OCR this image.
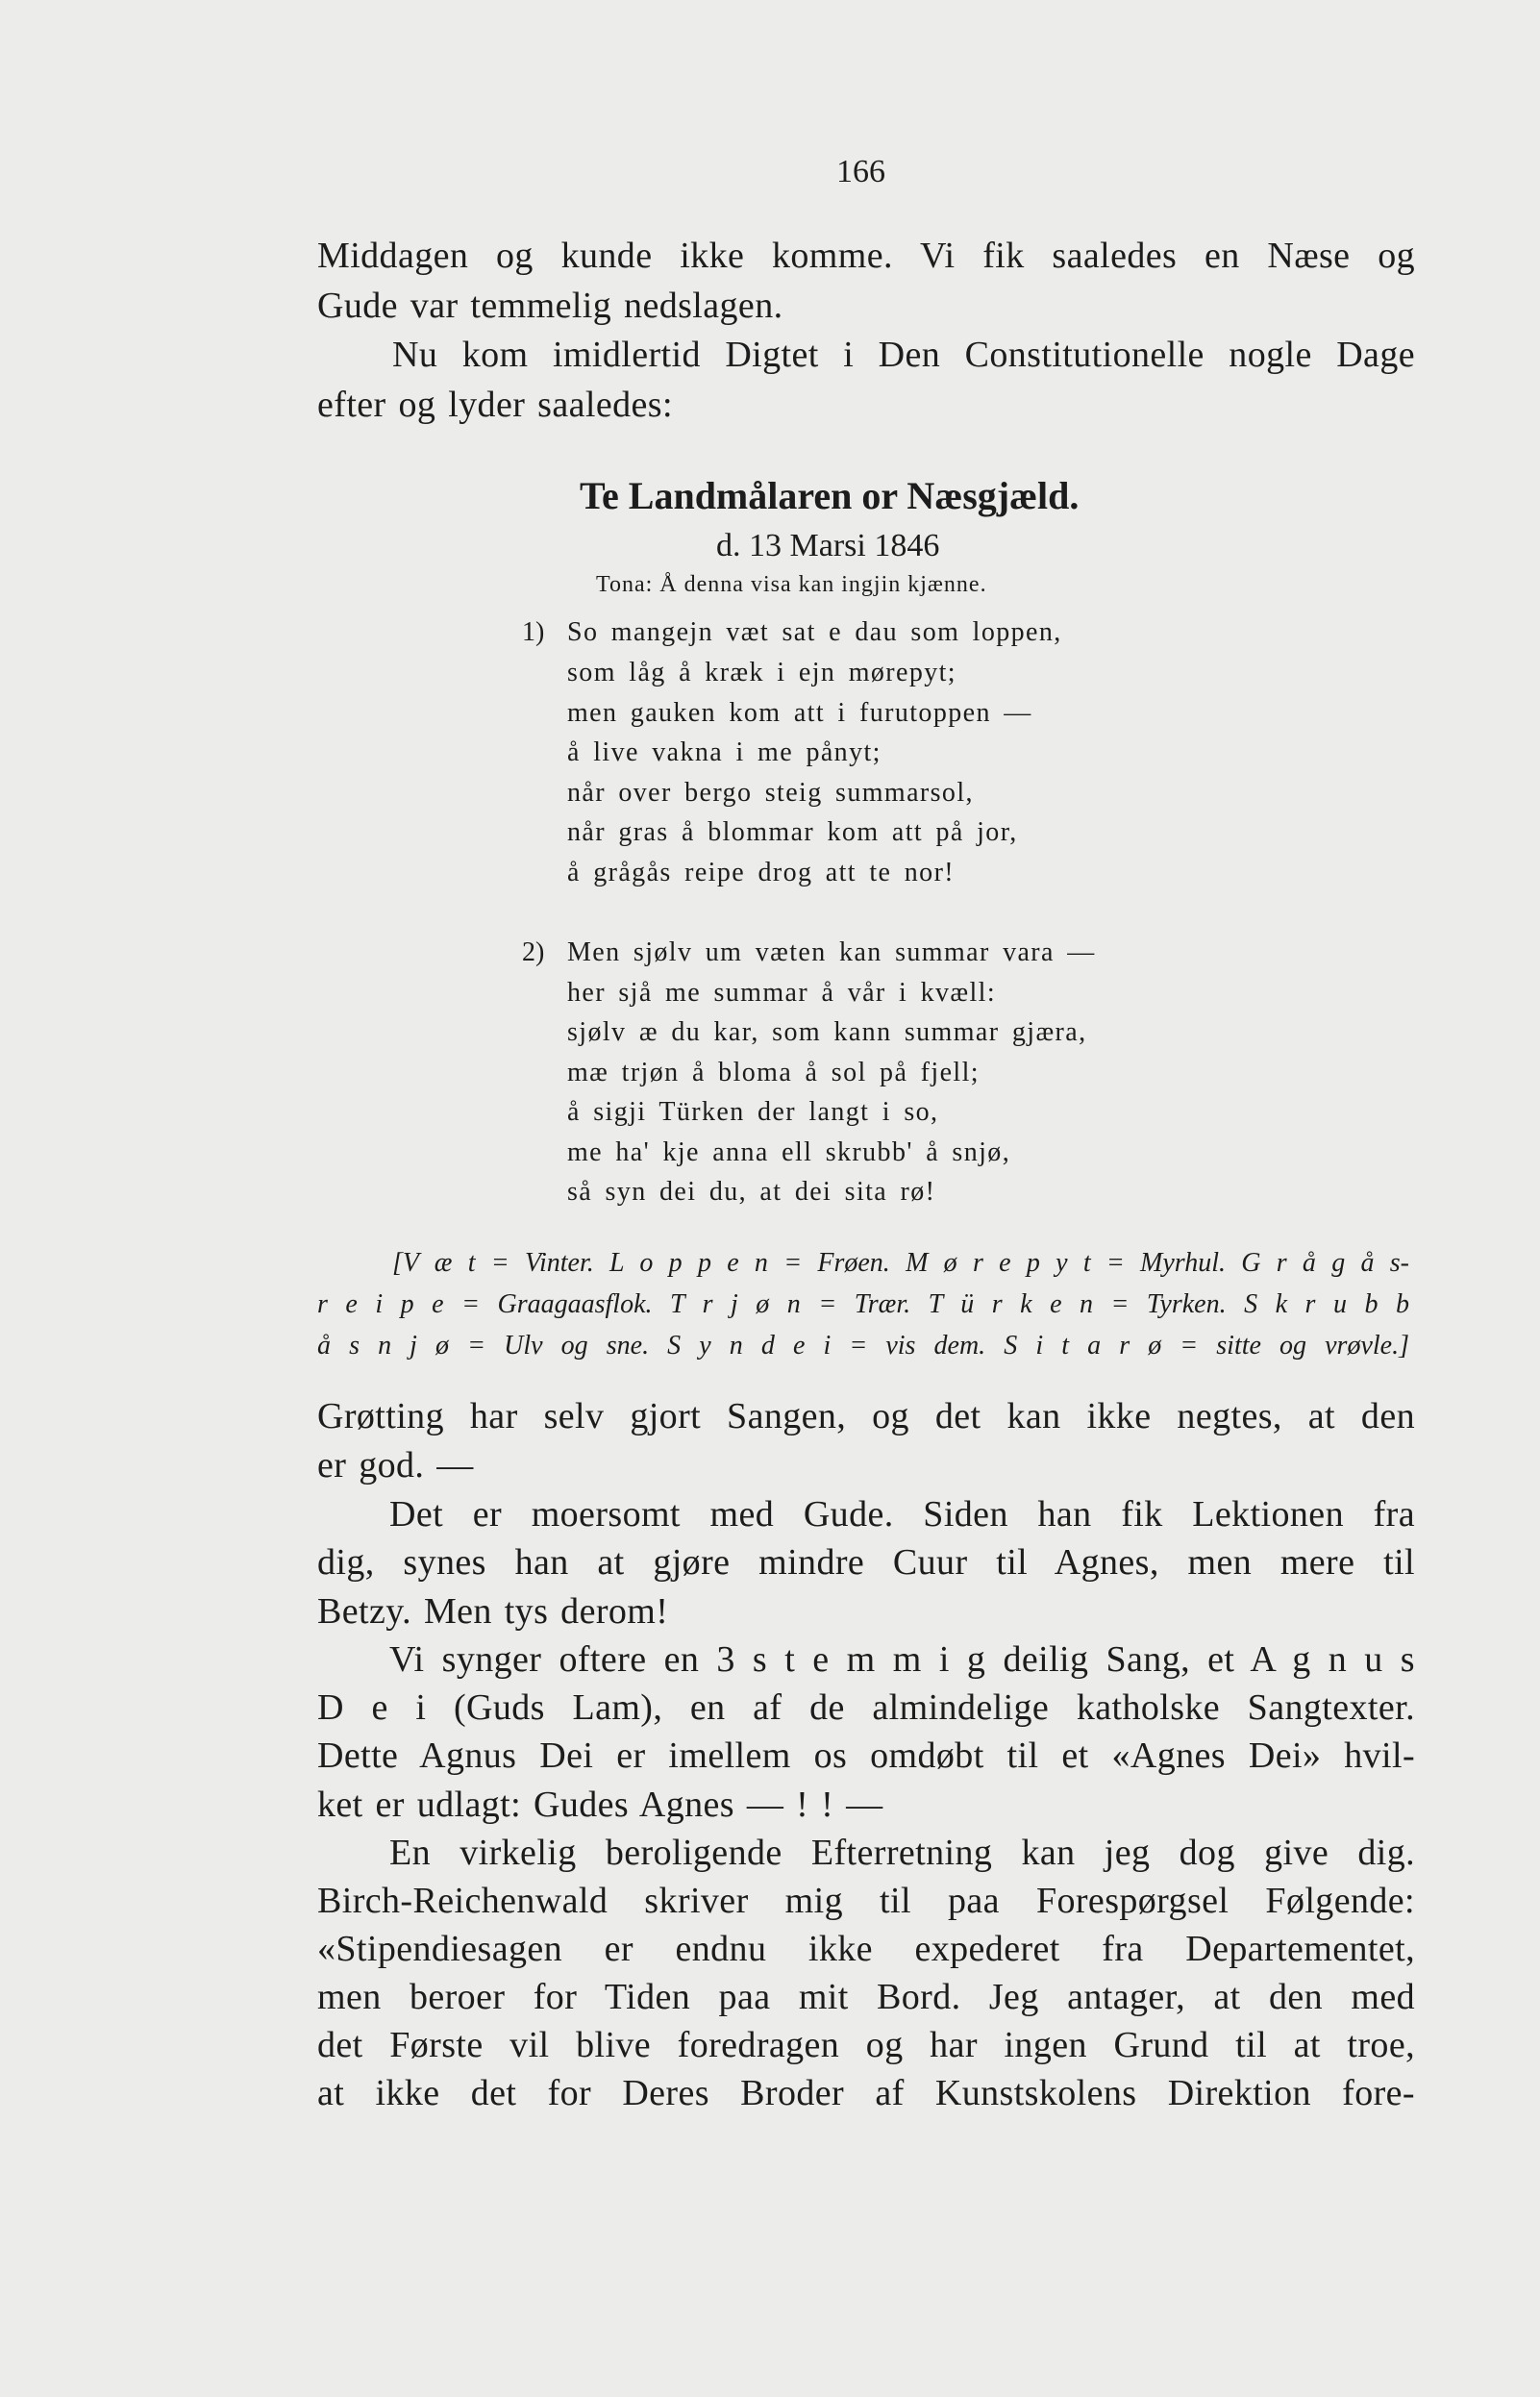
166
Middagen og kunde ikke komme. Vi fik saaledes en Næse og
Gude var temmelig nedslagen.
Nu kom imidlertid Digtet i Den Constitutionelle nogle Dage
efter og lyder saaledes:
Te Landmålaren or Næsgjæld.
d. 13 Marsi 1846
Tona: Å denna visa kan ingjin kjænne.
1) So mangejn væt sat e dau som loppen,
som låg å kræk i ejn mørepyt;
men gauken kom att i furutoppen —
å live vakna i me pånyt;
når over bergo steig summarsol,
når gras å blommar kom att på jor,
å grågås reipe drog att te nor!
2) Men sjølv um væten kan summar vara —
her sjå me summar å vår i kvæll:
sjølv æ du kar, som kann summar gjæra,
mæ trjøn å bloma å sol på fjell;
å sigji Türken der langt i so,
me ha' kje anna ell skrubb' å snjø,
så syn dei du, at dei sita rø!
[V æ t = Vinter. L o p p e n = Frøen. M ø r e p y t = Myrhul. G r å g å s-
r e i p e = Graagaasflok. T r j ø n = Trær. T ü r k e n = Tyrken. S k r u b b
å s n j ø = Ulv og sne. S y n d e i = vis dem. S i t a r ø = sitte og vrøvle.]
Grøtting har selv gjort Sangen, og det kan ikke negtes, at den
er god. —
Det er moersomt med Gude. Siden han fik Lektionen fra
dig, synes han at gjøre mindre Cuur til Agnes, men mere til
Betzy. Men tys derom!
Vi synger oftere en 3 s t e m m i g deilig Sang, et A g n u s
D e i (Guds Lam), en af de almindelige katholske Sangtexter.
Dette Agnus Dei er imellem os omdøbt til et «Agnes Dei» hvil-
ket er udlagt: Gudes Agnes — ! ! —
En virkelig beroligende Efterretning kan jeg dog give dig.
Birch-Reichenwald skriver mig til paa Forespørgsel Følgende:
«Stipendiesagen er endnu ikke expederet fra Departementet,
men beroer for Tiden paa mit Bord. Jeg antager, at den med
det Første vil blive foredragen og har ingen Grund til at troe,
at ikke det for Deres Broder af Kunstskolens Direktion fore-
